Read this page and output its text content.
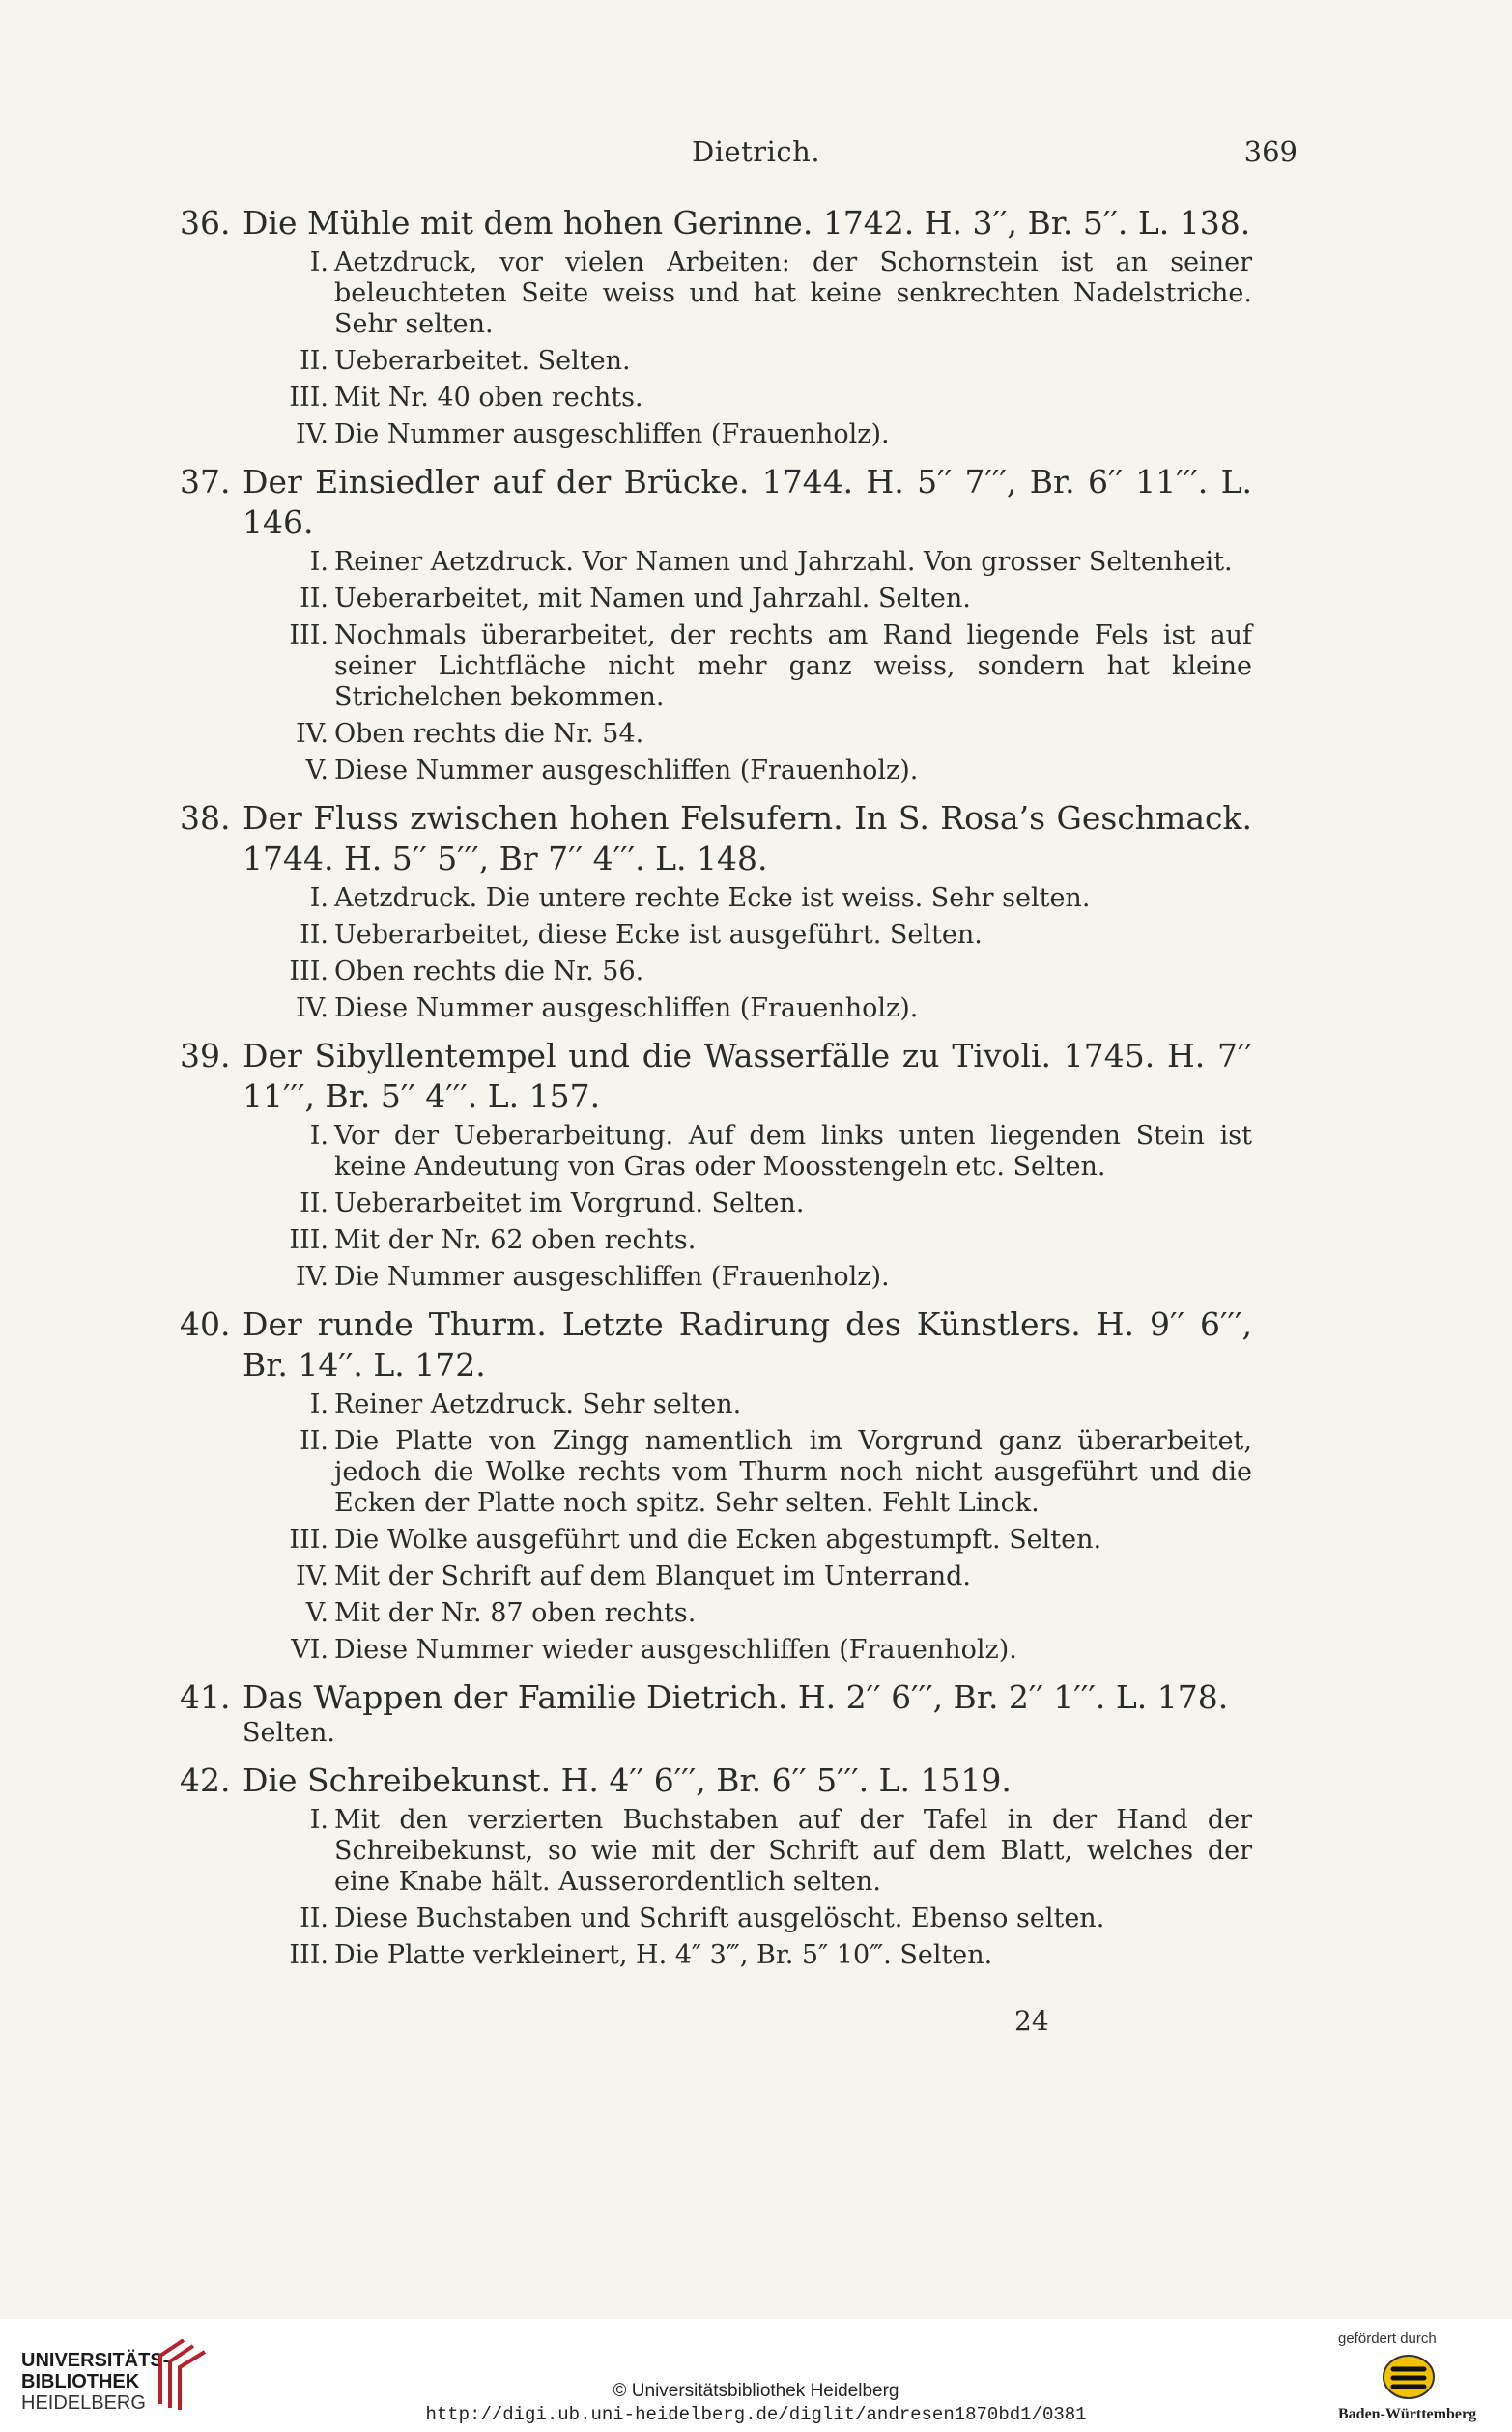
Dietrich.	369
36. Die Mühle mit dem hohen Gerinne. 1742. H. 3′′, Br. 5′′. L. 138.
I. Aetzdruck, vor vielen Arbeiten: der Schornstein ist an seiner beleuchteten Seite weiss und hat keine senkrechten Nadelstriche. Sehr selten.
II. Ueberarbeitet. Selten.
III. Mit Nr. 40 oben rechts.
IV. Die Nummer ausgeschliffen (Frauenholz).
37. Der Einsiedler auf der Brücke. 1744. H. 5′′ 7′′′, Br. 6′′ 11′′′. L. 146.
I. Reiner Aetzdruck. Vor Namen und Jahrzahl. Von grosser Seltenheit.
II. Ueberarbeitet, mit Namen und Jahrzahl. Selten.
III. Nochmals überarbeitet, der rechts am Rand liegende Fels ist auf seiner Lichtfläche nicht mehr ganz weiss, sondern hat kleine Strichelchen bekommen.
IV. Oben rechts die Nr. 54.
V. Diese Nummer ausgeschliffen (Frauenholz).
38. Der Fluss zwischen hohen Felsufern. In S. Rosa’s Geschmack. 1744. H. 5′′ 5′′′, Br 7′′ 4′′′. L. 148.
I. Aetzdruck. Die untere rechte Ecke ist weiss. Sehr selten.
II. Ueberarbeitet, diese Ecke ist ausgeführt. Selten.
III. Oben rechts die Nr. 56.
IV. Diese Nummer ausgeschliffen (Frauenholz).
39. Der Sibyllentempel und die Wasserfälle zu Tivoli. 1745. H. 7′′ 11′′′, Br. 5′′ 4′′′. L. 157.
I. Vor der Ueberarbeitung. Auf dem links unten liegenden Stein ist keine Andeutung von Gras oder Moosstengeln etc. Selten.
II. Ueberarbeitet im Vorgrund. Selten.
III. Mit der Nr. 62 oben rechts.
IV. Die Nummer ausgeschliffen (Frauenholz).
40. Der runde Thurm. Letzte Radirung des Künstlers. H. 9′′ 6′′′, Br. 14′′. L. 172.
I. Reiner Aetzdruck. Sehr selten.
II. Die Platte von Zingg namentlich im Vorgrund ganz überarbeitet, jedoch die Wolke rechts vom Thurm noch nicht ausgeführt und die Ecken der Platte noch spitz. Sehr selten. Fehlt Linck.
III. Die Wolke ausgeführt und die Ecken abgestumpft. Selten.
IV. Mit der Schrift auf dem Blanquet im Unterrand.
V. Mit der Nr. 87 oben rechts.
VI. Diese Nummer wieder ausgeschliffen (Frauenholz).
41. Das Wappen der Familie Dietrich. H. 2′′ 6′′′, Br. 2′′ 1′′′. L. 178.
Selten.
42. Die Schreibekunst. H. 4′′ 6′′′, Br. 6′′ 5′′′. L. 1519.
I. Mit den verzierten Buchstaben auf der Tafel in der Hand der Schreibekunst, so wie mit der Schrift auf dem Blatt, welches der eine Knabe hält. Ausserordentlich selten.
II. Diese Buchstaben und Schrift ausgelöscht. Ebenso selten.
III. Die Platte verkleinert, H. 4″ 3‴, Br. 5″ 10‴. Selten.
24
UNIVERSITÄTS-
BIBLIOTHEK
HEIDELBERG
© Universitätsbibliothek Heidelberg
http://digi.ub.uni-heidelberg.de/diglit/andresen1870bd1/0381
gefördert durch
Baden-Württemberg
